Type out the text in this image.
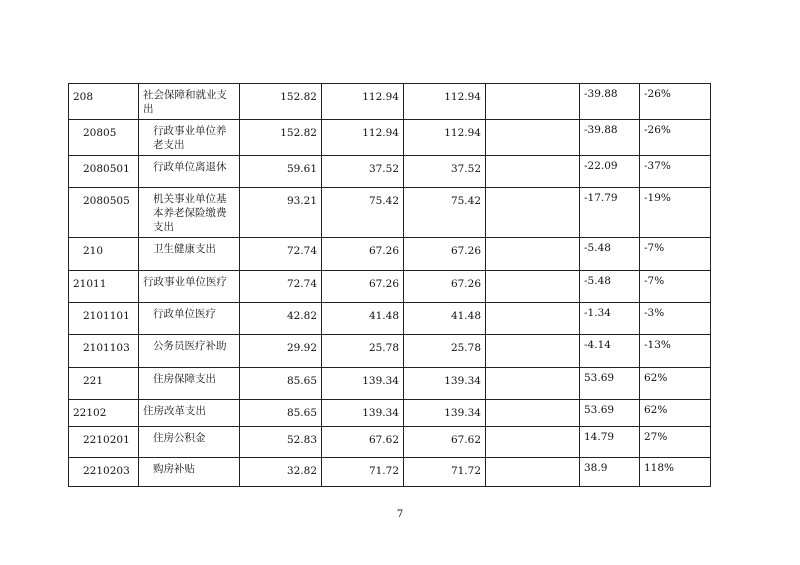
208	社会保障和就业支出	152.82	112.94	112.94		-39.88	-26%

20805	行政事业单位养老支出	152.82	112.94	112.94		-39.88	-26%

2080501	行政单位离退休	59.61	37.52	37.52		-22.09	-37%

2080505	机关事业单位基本养老保险缴费支出	93.21	75.42	75.42		-17.79	-19%

210	卫生健康支出	72.74	67.26	67.26		-5.48	-7%

21011	行政事业单位医疗	72.74	67.26	67.26		-5.48	-7%

2101101	行政单位医疗	42.82	41.48	41.48		-1.34	-3%

2101103	公务员医疗补助	29.92	25.78	25.78		-4.14	-13%

221	住房保障支出	85.65	139.34	139.34		53.69	62%

22102	住房改革支出	85.65	139.34	139.34		53.69	62%

2210201	住房公积金	52.83	67.62	67.62		14.79	27%

2210203	购房补贴	32.82	71.72	71.72		38.9	118%
7
